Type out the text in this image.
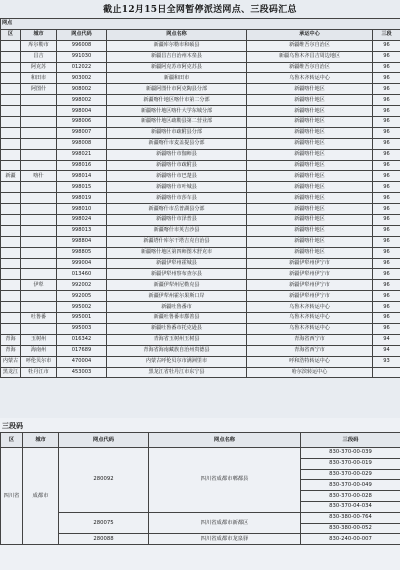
截止12月15日全网暂停派送网点、三段码汇总
网点					
区	城市	网点代码	网点名称	承运中心	三段
	库尔勒市	996008	新疆库尔勒市和硕县	新疆维吾尔自治区	96
	昌吉	991030	新疆昌吉自治州木垒县	新疆乌鲁木齐昌吉周边地区	96
	阿克苏	012022	新疆阿克苏市阿克苏县	新疆维吾尔自治区	96
	和田市	903002	新疆和田市	乌鲁木齐转运中心	96
	阿图什	908002	新疆阿图什市阿克陶县分部	新疆喀什地区	96
		998002	新疆喀什地区喀什市第二分部	新疆喀什地区	96
		998004	新疆喀什地区喀什大学东城分部	新疆喀什地区	96
		998006	新疆喀什地区疏勒县第二营业部	新疆喀什地区	96
		998007	新疆喀什市疏附县分部	新疆喀什地区	96
		998008	新疆喀什市麦盖提县分部	新疆喀什地区	96
		998021	新疆喀什市伽师县	新疆喀什地区	96
		998016	新疆喀什市疏附县	新疆喀什地区	96
新疆	喀什	998014	新疆喀什市巴楚县	新疆喀什地区	96
		998015	新疆喀什市叶城县	新疆喀什地区	96
		998019	新疆喀什市莎车县	新疆喀什地区	96
		998010	新疆喀什市岳普湖县分部	新疆喀什地区	96
		998024	新疆喀什市泽普县	新疆喀什地区	96
		998013	新疆喀什市英吉沙县	新疆喀什地区	96
		998804	新疆塔什库尔干塔吉克自治县	新疆喀什地区	96
		998805	新疆喀什地区第四师图木舒克市	新疆喀什地区	96
		999004	新疆伊犁州霍城县	新疆伊犁州伊宁市	96
		013460	新疆伊犁州察布查尔县	新疆伊犁州伊宁市	96
	伊犁	992002	新疆伊犁州尼勒克县	新疆伊犁州伊宁市	96
		992005	新疆伊犁州霍尔果斯口岸	新疆伊犁州伊宁市	96
		995002	新疆吐鲁番市	乌鲁木齐转运中心	96
	吐鲁番	995001	新疆吐鲁番市鄯善县	乌鲁木齐转运中心	96
		995003	新疆吐鲁番市托克逊县	乌鲁木齐转运中心	96
青海	玉树州	016342	青海省玉树州玉树县	青海省西宁市	94
青海	海南州	017689	青海省海南藏族自治州贵德县	青海省西宁市	94
内蒙古	呼伦贝尔市	470004	内蒙古呼伦贝尔市满洲里市	呼和浩特转运中心	93
黑龙江	牡丹江市	453003	黑龙江省牡丹江市东宁县	哈尔滨转运中心	
三段码
区	城市	网点代码	网点名称	三段码
四川省	成都市	280092	四川省成都市郫都县	830-370-00-039
				830-370-00-019
				830-370-00-029
				830-370-00-049
				830-370-00-028
				830-370-04-034
		280075	四川省成都市新都区	830-380-00-764
				830-380-00-052
		280088	四川省成都市龙泉驿	830-240-00-007
